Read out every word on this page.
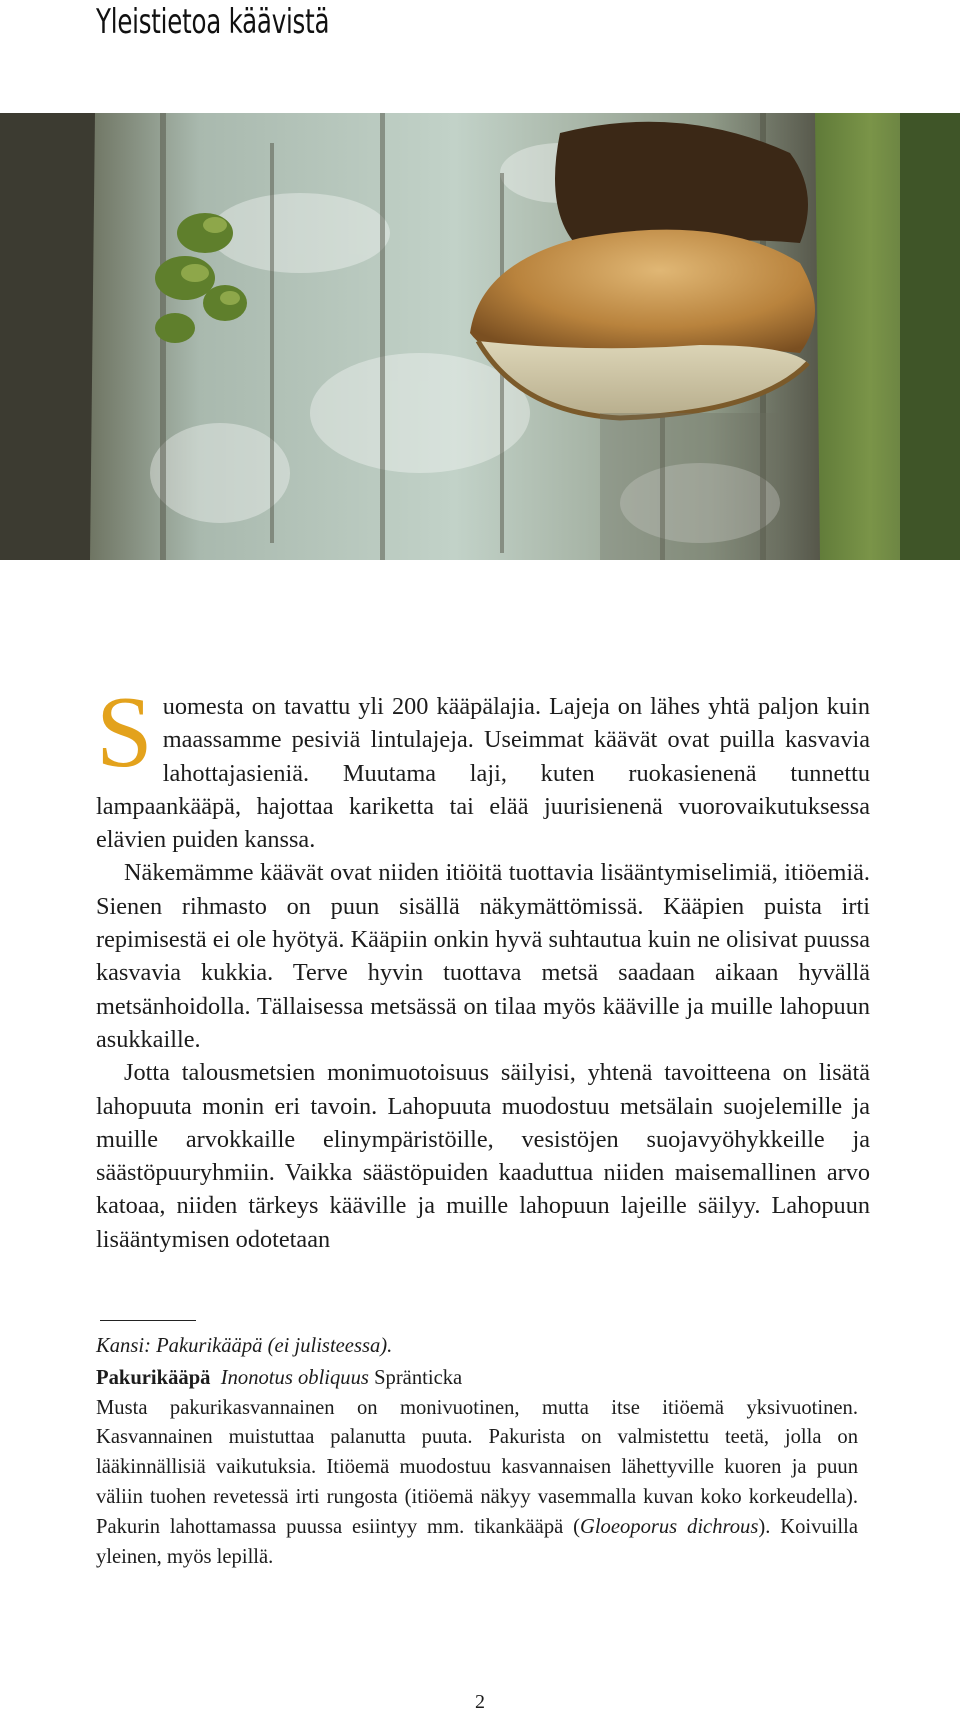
Yleistietoa käävistä

Suomesta on tavattu yli 200 kääpälajia. Lajeja on lähes yhtä paljon kuin maassamme pesiviä lintulajeja. Useimmat käävät ovat puilla kasvavia lahottajasieniä. Muutama laji, kuten ruokasienenä tunnettu lampaankääpä, hajottaa kariketta tai elää juurisienenä vuorovaikutuksessa elävien puiden kanssa.

Näkemämme käävät ovat niiden itiöitä tuottavia lisääntymiselimiä, itiöemiä. Sienen rihmasto on puun sisällä näkymättömissä. Kääpien puista irti repimisestä ei ole hyötyä. Kääpiin onkin hyvä suhtautua kuin ne olisivat puussa kasvavia kukkia. Terve hyvin tuottava metsä saadaan aikaan hyvällä metsänhoidolla. Tällaisessa metsässä on tilaa myös kääville ja muille lahopuun asukkaille.

Jotta talousmetsien monimuotoisuus säilyisi, yhtenä tavoitteena on lisätä lahopuuta monin eri tavoin. Lahopuuta muodostuu metsälain suojelemille ja muille arvokkaille elinympäristöille, vesistöjen suojavyöhykkeille ja säästöpuuryhmiin. Vaikka säästöpuiden kaaduttua niiden maisemallinen arvo katoaa, niiden tärkeys kääville ja muille lahopuun lajeille säilyy. Lahopuun lisääntymisen odotetaan

Kansi: Pakurikääpä (ei julisteessa).

Pakurikääpä Inonotus obliquus Spränticka

Musta pakurikasvannainen on monivuotinen, mutta itse itiöemä yksivuotinen. Kasvannainen muistuttaa palanutta puuta. Pakurista on valmistettu teetä, jolla on lääkinnällisiä vaikutuksia. Itiöemä muodostuu kasvannaisen lähettyville kuoren ja puun väliin tuohen revetessä irti rungosta (itiöemä näkyy vasemmalla kuvan koko korkeudella). Pakurin lahottamassa puussa esiintyy mm. tikankääpä (Gloeoporus dichrous). Koivuilla yleinen, myös lepillä.

2
